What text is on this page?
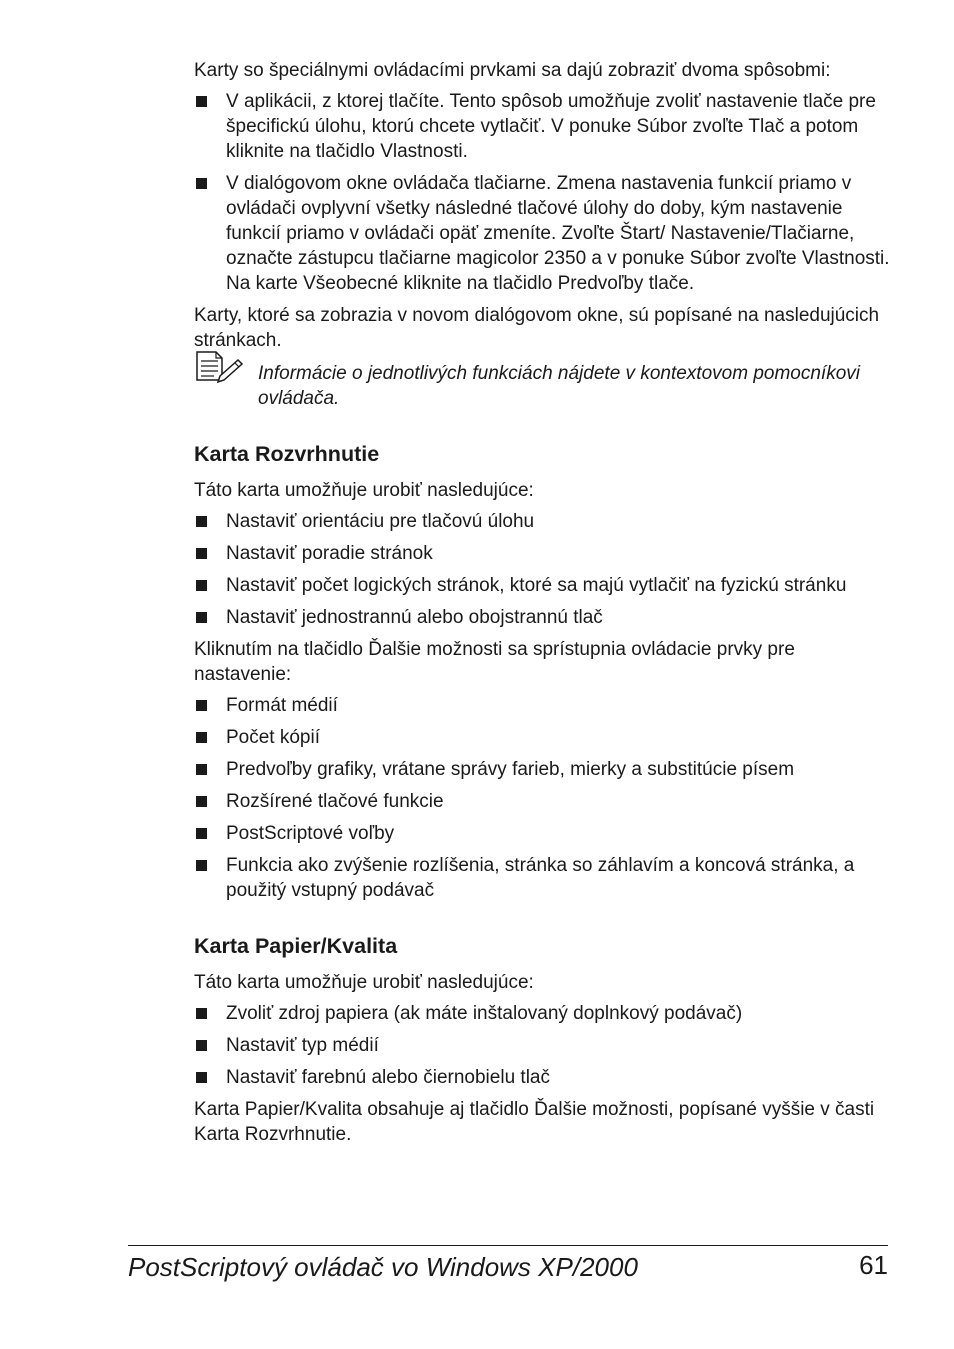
Karty so špeciálnymi ovládacími prvkami sa dajú zobraziť dvoma spôsobmi:

V aplikácii, z ktorej tlačíte. Tento spôsob umožňuje zvoliť nastavenie tlače pre špecifickú úlohu, ktorú chcete vytlačiť. V ponuke Súbor zvoľte Tlač a potom kliknite na tlačidlo Vlastnosti.
V dialógovom okne ovládača tlačiarne. Zmena nastavenia funkcií priamo v ovládači ovplyvní všetky následné tlačové úlohy do doby, kým nastavenie funkcií priamo v ovládači opäť zmeníte. Zvoľte Štart/ Nastavenie/Tlačiarne, označte zástupcu tlačiarne magicolor 2350 a v ponuke Súbor zvoľte Vlastnosti. Na karte Všeobecné kliknite na tlačidlo Predvoľby tlače.

Karty, ktoré sa zobrazia v novom dialógovom okne, sú popísané na nasledujúcich stránkach.

Informácie o jednotlivých funkciách nájdete v kontextovom pomocníkovi ovládača.
Karta Rozvrhnutie

Táto karta umožňuje urobiť nasledujúce:

Nastaviť orientáciu pre tlačovú úlohu
Nastaviť poradie stránok
Nastaviť počet logických stránok, ktoré sa majú vytlačiť na fyzickú stránku
Nastaviť jednostrannú alebo obojstrannú tlač

Kliknutím na tlačidlo Ďalšie možnosti sa sprístupnia ovládacie prvky pre nastavenie:

Formát médií
Počet kópií
Predvoľby grafiky, vrátane správy farieb, mierky a substitúcie písem
Rozšírené tlačové funkcie
PostScriptové voľby
Funkcia ako zvýšenie rozlíšenia, stránka so záhlavím a koncová stránka, a použitý vstupný podávač
Karta Papier/Kvalita

Táto karta umožňuje urobiť nasledujúce:

Zvoliť zdroj papiera (ak máte inštalovaný doplnkový podávač)
Nastaviť typ médií
Nastaviť farebnú alebo čiernobielu tlač

Karta Papier/Kvalita obsahuje aj tlačidlo Ďalšie možnosti, popísané vyššie v časti Karta Rozvrhnutie.

PostScriptový ovládač vo Windows XP/2000	61
